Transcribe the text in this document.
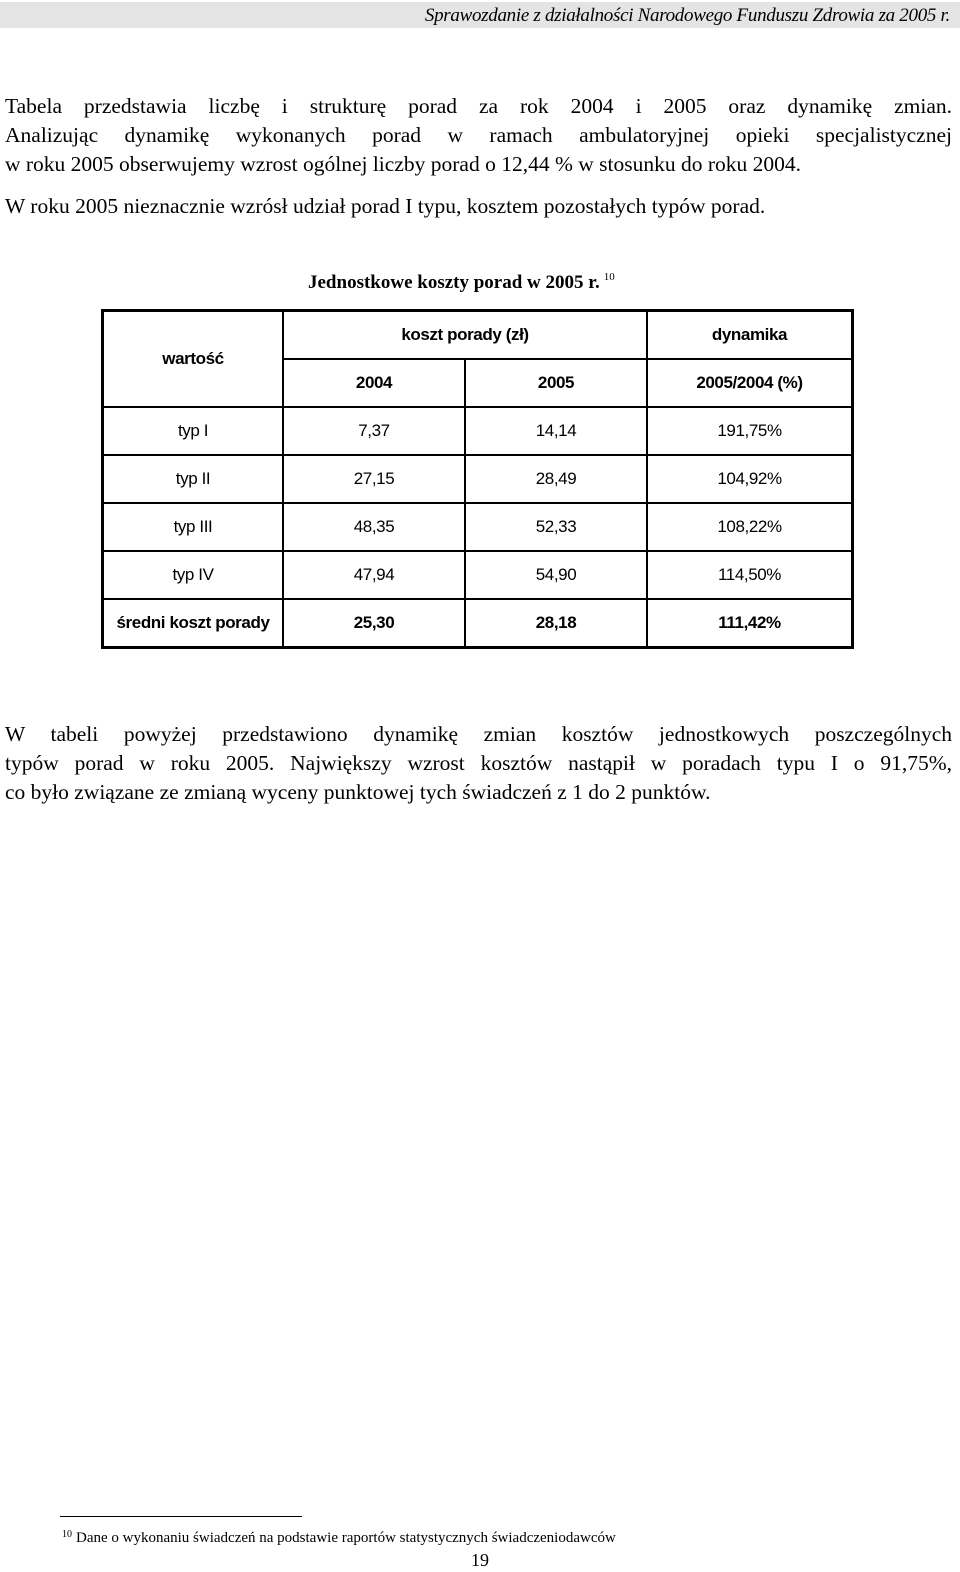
Sprawozdanie z działalności Narodowego Funduszu Zdrowia za 2005 r.
Tabela przedstawia liczbę i strukturę porad za rok 2004 i 2005 oraz dynamikę zmian.
Analizując dynamikę wykonanych porad w ramach ambulatoryjnej opieki specjalistycznej
w roku 2005 obserwujemy wzrost ogólnej liczby porad o 12,44 % w stosunku do roku 2004.
W roku 2005 nieznacznie wzrósł udział porad I typu, kosztem pozostałych typów porad.
Jednostkowe koszty porad w 2005 r. $^{10}$
wartość	koszt porady (zł)		dynamika
	2004	2005	2005/2004 (%)
typ I	7,37	14,14	191,75%
typ II	27,15	28,49	104,92%
typ III	48,35	52,33	108,22%
typ IV	47,94	54,90	114,50%
średni koszt porady	25,30	28,18	111,42%
W tabeli powyżej przedstawiono dynamikę zmian kosztów jednostkowych poszczególnych
typów porad w roku 2005. Największy wzrost kosztów nastąpił w poradach typu I o 91,75%,
co było związane ze zmianą wyceny punktowej tych świadczeń z 1 do 2 punktów.
$^{10}$ Dane o wykonaniu świadczeń na podstawie raportów statystycznych świadczeniodawców
19
